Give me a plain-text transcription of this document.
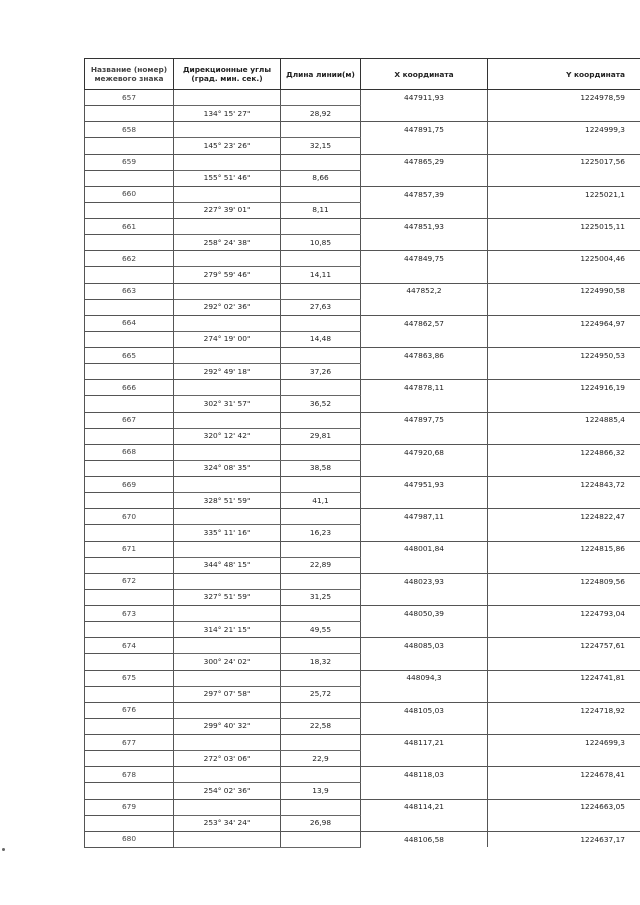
Название (номер) межевого знака	Дирекционные углы (град. мин. сек.)	Длина линии(м)	X координата	Y координата
657			447911,93	1224978,59
	134° 15' 27"	28,92		
658			447891,75	1224999,3
	145° 23' 26"	32,15		
659			447865,29	1225017,56
	155° 51' 46"	8,66		
660			447857,39	1225021,1
	227° 39' 01"	8,11		
661			447851,93	1225015,11
	258° 24' 38"	10,85		
662			447849,75	1225004,46
	279° 59' 46"	14,11		
663			447852,2	1224990,58
	292° 02' 36"	27,63		
664			447862,57	1224964,97
	274° 19' 00"	14,48		
665			447863,86	1224950,53
	292° 49' 18"	37,26		
666			447878,11	1224916,19
	302° 31' 57"	36,52		
667			447897,75	1224885,4
	320° 12' 42"	29,81		
668			447920,68	1224866,32
	324° 08' 35"	38,58		
669			447951,93	1224843,72
	328° 51' 59"	41,1		
670			447987,11	1224822,47
	335° 11' 16"	16,23		
671			448001,84	1224815,86
	344° 48' 15"	22,89		
672			448023,93	1224809,56
	327° 51' 59"	31,25		
673			448050,39	1224793,04
	314° 21' 15"	49,55		
674			448085,03	1224757,61
	300° 24' 02"	18,32		
675			448094,3	1224741,81
	297° 07' 58"	25,72		
676			448105,03	1224718,92
	299° 40' 32"	22,58		
677			448117,21	1224699,3
	272° 03' 06"	22,9		
678			448118,03	1224678,41
	254° 02' 36"	13,9		
679			448114,21	1224663,05
	253° 34' 24"	26,98		
680			448106,58	1224637,17
